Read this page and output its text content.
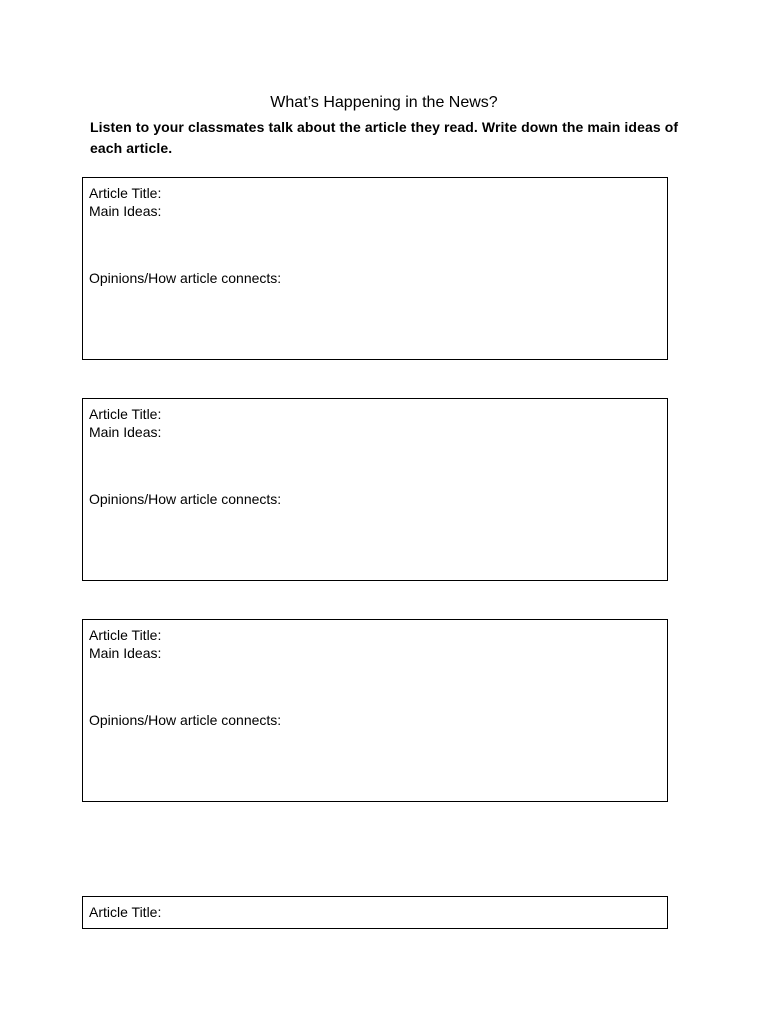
What’s Happening in the News?
Listen to your classmates talk about the article they read. Write down the main ideas of each article.
Article Title:
Main Ideas:
Opinions/How article connects:
Article Title:
Main Ideas:
Opinions/How article connects:
Article Title:
Main Ideas:
Opinions/How article connects:
Article Title:
